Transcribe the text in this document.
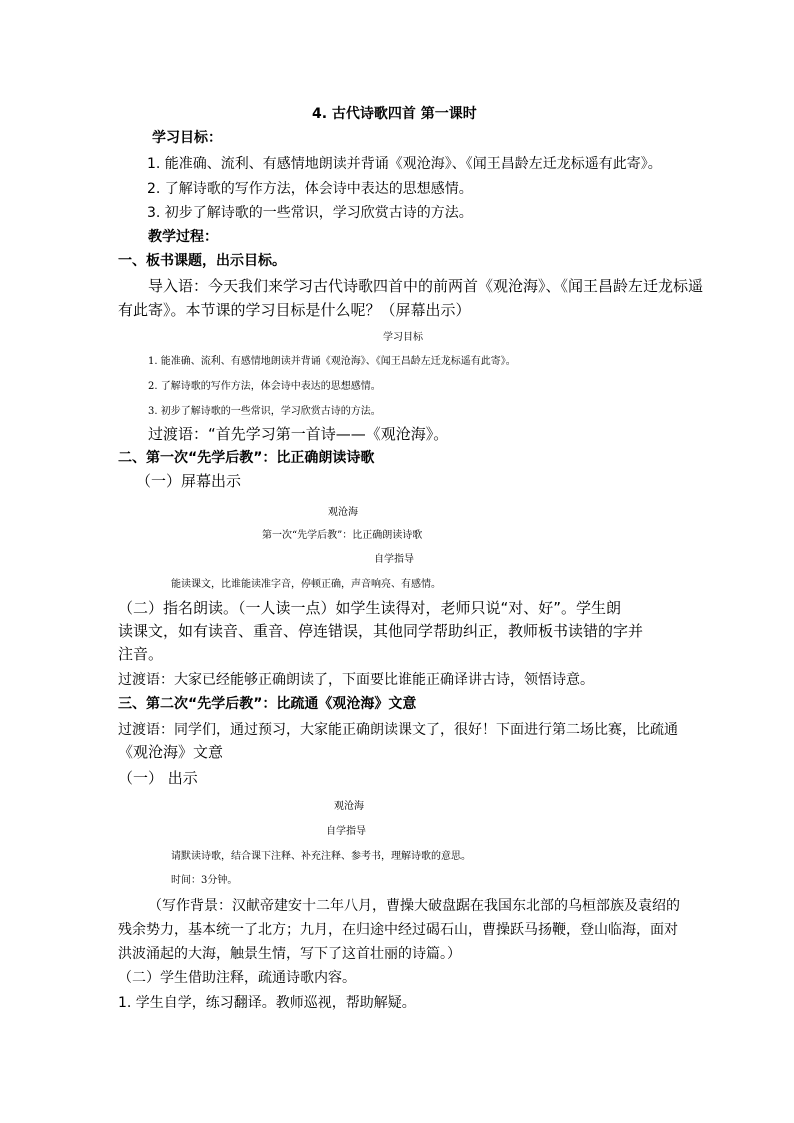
4. 古代诗歌四首 第一课时
学习目标：
1. 能准确、流利、有感情地朗读并背诵《观沧海》、《闻王昌龄左迁龙标遥有此寄》。
2. 了解诗歌的写作方法，体会诗中表达的思想感情。
3. 初步了解诗歌的一些常识，学习欣赏古诗的方法。
教学过程：
一、板书课题，出示目标。
导入语：今天我们来学习古代诗歌四首中的前两首《观沧海》、《闻王昌龄左迁龙标遥
有此寄》。本节课的学习目标是什么呢？（屏幕出示）
学习目标
1. 能准确、流利、有感情地朗读并背诵《观沧海》、《闻王昌龄左迁龙标遥有此寄》。
2. 了解诗歌的写作方法，体会诗中表达的思想感情。
3. 初步了解诗歌的一些常识，学习欣赏古诗的方法。
过渡语：“首先学习第一首诗——《观沧海》。
二、第一次“先学后教”：比正确朗读诗歌
（一）屏幕出示
观沧海
第一次“先学后教”：比正确朗读诗歌
自学指导
能读课文，比谁能读准字音，停顿正确，声音响亮、有感情。
（二）指名朗读。（一人读一点）如学生读得对，老师只说“对、好”。学生朗
读课文，如有读音、重音、停连错误，其他同学帮助纠正，教师板书读错的字并
注音。
过渡语：大家已经能够正确朗读了，下面要比谁能正确译讲古诗，领悟诗意。
三、第二次“先学后教”：比疏通《观沧海》文意
过渡语：同学们，通过预习，大家能正确朗读课文了，很好！下面进行第二场比赛，比疏通
《观沧海》文意
（一） 出示
观沧海
自学指导
请默读诗歌，结合课下注释、补充注释、参考书，理解诗歌的意思。
时间：3分钟。
（写作背景：汉献帝建安十二年八月，曹操大破盘踞在我国东北部的乌桓部族及袁绍的
残余势力，基本统一了北方；九月，在归途中经过碣石山，曹操跃马扬鞭，登山临海，面对
洪波涌起的大海，触景生情，写下了这首壮丽的诗篇。）
（二）学生借助注释，疏通诗歌内容。
1. 学生自学，练习翻译。教师巡视，帮助解疑。
